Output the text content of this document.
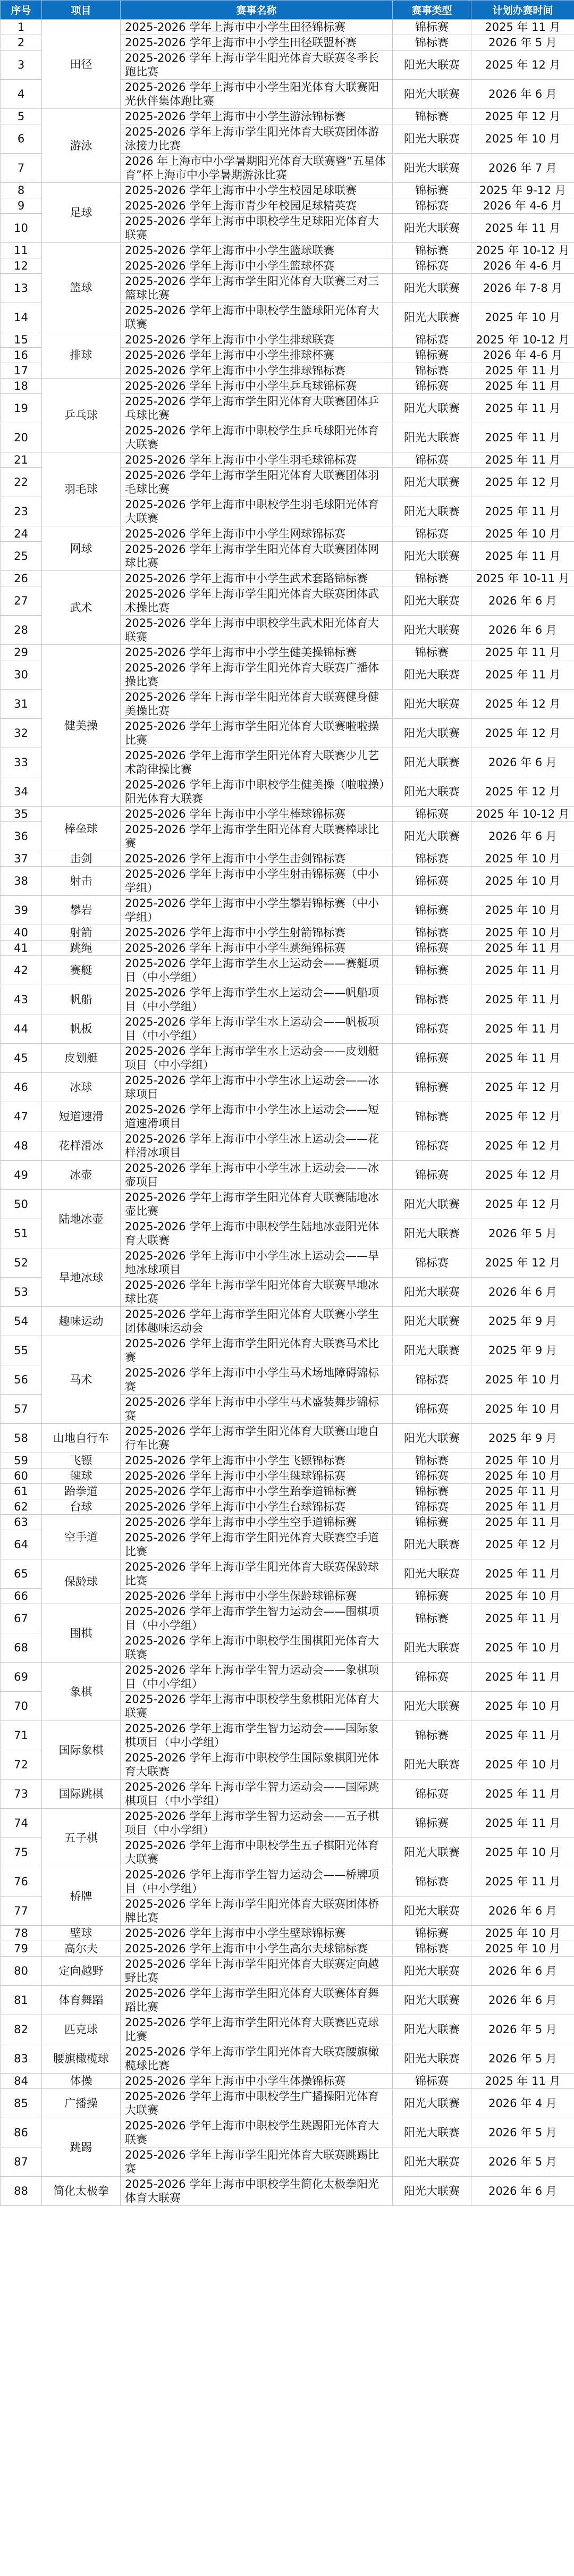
序号	项目	赛事名称	赛事类型	计划办赛时间
1	田径	2025-2026 学年上海市中小学生田径锦标赛	锦标赛	2025 年 11 月
2		2025-2026 学年上海市中小学生田径联盟杯赛	锦标赛	2026 年 5 月
3		2025-2026 学年上海市学生阳光体育大联赛冬季长跑比赛	阳光大联赛	2025 年 12 月
4		2025-2026 学年上海市中小学生阳光体育大联赛阳光伙伴集体跑比赛	阳光大联赛	2026 年 6 月
5	游泳	2025-2026 学年上海市中小学生游泳锦标赛	锦标赛	2025 年 12 月
6		2025-2026 学年上海市学生阳光体育大联赛团体游泳接力比赛	阳光大联赛	2025 年 10 月
7		2026 年上海市中小学暑期阳光体育大联赛暨“五星体育”杯上海市中小学暑期游泳比赛	阳光大联赛	2026 年 7 月
8	足球	2025-2026 学年上海市中小学生校园足球联赛	锦标赛	2025 年 9-12 月
9		2025-2026 学年上海市青少年校园足球精英赛	锦标赛	2026 年 4-6 月
10		2025-2026 学年上海市中职校学生足球阳光体育大联赛	阳光大联赛	2025 年 11 月
11	篮球	2025-2026 学年上海市中小学生篮球联赛	锦标赛	2025 年 10-12 月
12		2025-2026 学年上海市中小学生篮球杯赛	锦标赛	2026 年 4-6 月
13		2025-2026 学年上海市学生阳光体育大联赛三对三篮球比赛	阳光大联赛	2026 年 7-8 月
14		2025-2026 学年上海市中职校学生篮球阳光体育大联赛	阳光大联赛	2025 年 10 月
15	排球	2025-2026 学年上海市中小学生排球联赛	锦标赛	2025 年 10-12 月
16		2025-2026 学年上海市中小学生排球杯赛	锦标赛	2026 年 4-6 月
17		2025-2026 学年上海市中小学生排球锦标赛	锦标赛	2025 年 11 月
18	乒乓球	2025-2026 学年上海市中小学生乒乓球锦标赛	锦标赛	2025 年 11 月
19		2025-2026 学年上海市学生阳光体育大联赛团体乒乓球比赛	阳光大联赛	2025 年 11 月
20		2025-2026 学年上海市中职校学生乒乓球阳光体育大联赛	阳光大联赛	2025 年 11 月
21	羽毛球	2025-2026 学年上海市中小学生羽毛球锦标赛	锦标赛	2025 年 11 月
22		2025-2026 学年上海市学生阳光体育大联赛团体羽毛球比赛	阳光大联赛	2025 年 12 月
23		2025-2026 学年上海市中职校学生羽毛球阳光体育大联赛	阳光大联赛	2025 年 11 月
24	网球	2025-2026 学年上海市中小学生网球锦标赛	锦标赛	2025 年 10 月
25		2025-2026 学年上海市学生阳光体育大联赛团体网球比赛	阳光大联赛	2025 年 11 月
26	武术	2025-2026 学年上海市中小学生武术套路锦标赛	锦标赛	2025 年 10-11 月
27		2025-2026 学年上海市学生阳光体育大联赛团体武术操比赛	阳光大联赛	2026 年 6 月
28		2025-2026 学年上海市中职校学生武术阳光体育大联赛	阳光大联赛	2026 年 6 月
29	健美操	2025-2026 学年上海市中小学生健美操锦标赛	锦标赛	2025 年 11 月
30		2025-2026 学年上海市学生阳光体育大联赛广播体操比赛	阳光大联赛	2025 年 11 月
31		2025-2026 学年上海市学生阳光体育大联赛健身健美操比赛	阳光大联赛	2025 年 12 月
32		2025-2026 学年上海市学生阳光体育大联赛啦啦操比赛	阳光大联赛	2025 年 12 月
33		2025-2026 学年上海市学生阳光体育大联赛少儿艺术韵律操比赛	阳光大联赛	2026 年 6 月
34		2025-2026 学年上海市中职校学生健美操（啦啦操）阳光体育大联赛	阳光大联赛	2025 年 12 月
35	棒垒球	2025-2026 学年上海市中小学生棒球锦标赛	锦标赛	2025 年 10-12 月
36		2025-2026 学年上海市学生阳光体育大联赛棒球比赛	阳光大联赛	2026 年 6 月
37	击剑	2025-2026 学年上海市中小学生击剑锦标赛	锦标赛	2025 年 10 月
38	射击	2025-2026 学年上海市中小学生射击锦标赛（中小学组）	锦标赛	2025 年 10 月
39	攀岩	2025-2026 学年上海市中小学生攀岩锦标赛（中小学组）	锦标赛	2025 年 10 月
40	射箭	2025-2026 学年上海市中小学生射箭锦标赛	锦标赛	2025 年 10 月
41	跳绳	2025-2026 学年上海市中小学生跳绳锦标赛	锦标赛	2025 年 11 月
42	赛艇	2025-2026 学年上海市学生水上运动会——赛艇项目（中小学组）	锦标赛	2025 年 11 月
43	帆船	2025-2026 学年上海市学生水上运动会——帆船项目（中小学组）	锦标赛	2025 年 11 月
44	帆板	2025-2026 学年上海市学生水上运动会——帆板项目（中小学组）	锦标赛	2025 年 11 月
45	皮划艇	2025-2026 学年上海市学生水上运动会——皮划艇项目（中小学组）	锦标赛	2025 年 11 月
46	冰球	2025-2026 学年上海市中小学生冰上运动会——冰球项目	锦标赛	2025 年 12 月
47	短道速滑	2025-2026 学年上海市中小学生冰上运动会——短道速滑项目	锦标赛	2025 年 12 月
48	花样滑冰	2025-2026 学年上海市中小学生冰上运动会——花样滑冰项目	锦标赛	2025 年 12 月
49	冰壶	2025-2026 学年上海市中小学生冰上运动会——冰壶项目	锦标赛	2025 年 12 月
50	陆地冰壶	2025-2026 学年上海市学生阳光体育大联赛陆地冰壶比赛	阳光大联赛	2025 年 12 月
51		2025-2026 学年上海市中职校学生陆地冰壶阳光体育大联赛	阳光大联赛	2026 年 5 月
52	旱地冰球	2025-2026 学年上海市中小学生冰上运动会——旱地冰球项目	锦标赛	2025 年 12 月
53		2025-2026 学年上海市学生阳光体育大联赛旱地冰球比赛	阳光大联赛	2026 年 6 月
54	趣味运动	2025-2026 学年上海市学生阳光体育大联赛小学生团体趣味运动会	阳光大联赛	2025 年 9 月
55	马术	2025-2026 学年上海市学生阳光体育大联赛马术比赛	阳光大联赛	2025 年 9 月
56		2025-2026 学年上海市中小学生马术场地障碍锦标赛	锦标赛	2025 年 10 月
57		2025-2026 学年上海市中小学生马术盛装舞步锦标赛	锦标赛	2025 年 10 月
58	山地自行车	2025-2026 学年上海市学生阳光体育大联赛山地自行车比赛	阳光大联赛	2025 年 9 月
59	飞镖	2025-2026 学年上海市中小学生飞镖锦标赛	锦标赛	2025 年 10 月
60	毽球	2025-2026 学年上海市中小学生毽球锦标赛	锦标赛	2025 年 10 月
61	跆拳道	2025-2026 学年上海市中小学生跆拳道锦标赛	锦标赛	2025 年 11 月
62	台球	2025-2026 学年上海市中小学生台球锦标赛	锦标赛	2025 年 11 月
63	空手道	2025-2026 学年上海市中小学生空手道锦标赛	锦标赛	2025 年 11 月
64		2025-2026 学年上海市学生阳光体育大联赛空手道比赛	阳光大联赛	2025 年 12 月
65	保龄球	2025-2026 学年上海市学生阳光体育大联赛保龄球比赛	阳光大联赛	2025 年 11 月
66		2025-2026 学年上海市中小学生保龄球锦标赛	锦标赛	2025 年 10 月
67	围棋	2025-2026 学年上海市学生智力运动会——围棋项目（中小学组）	锦标赛	2025 年 11 月
68		2025-2026 学年上海市中职校学生围棋阳光体育大联赛	阳光大联赛	2025 年 10 月
69	象棋	2025-2026 学年上海市学生智力运动会——象棋项目（中小学组）	锦标赛	2025 年 11 月
70		2025-2026 学年上海市中职校学生象棋阳光体育大联赛	阳光大联赛	2025 年 10 月
71	国际象棋	2025-2026 学年上海市学生智力运动会——国际象棋项目（中小学组）	锦标赛	2025 年 11 月
72		2025-2026 学年上海市中职校学生国际象棋阳光体育大联赛	阳光大联赛	2025 年 10 月
73	国际跳棋	2025-2026 学年上海市学生智力运动会——国际跳棋项目（中小学组）	锦标赛	2025 年 11 月
74	五子棋	2025-2026 学年上海市学生智力运动会——五子棋项目（中小学组）	锦标赛	2025 年 11 月
75		2025-2026 学年上海市中职校学生五子棋阳光体育大联赛	阳光大联赛	2025 年 10 月
76	桥牌	2025-2026 学年上海市学生智力运动会——桥牌项目（中小学组）	锦标赛	2025 年 11 月
77		2025-2026 学年上海市学生阳光体育大联赛团体桥牌比赛	阳光大联赛	2026 年 6 月
78	壁球	2025-2026 学年上海市中小学生壁球锦标赛	锦标赛	2025 年 10 月
79	高尔夫	2025-2026 学年上海市中小学生高尔夫球锦标赛	锦标赛	2025 年 10 月
80	定向越野	2025-2026 学年上海市学生阳光体育大联赛定向越野比赛	阳光大联赛	2026 年 6 月
81	体育舞蹈	2025-2026 学年上海市学生阳光体育大联赛体育舞蹈比赛	阳光大联赛	2026 年 6 月
82	匹克球	2025-2026 学年上海市学生阳光体育大联赛匹克球比赛	阳光大联赛	2026 年 5 月
83	腰旗橄榄球	2025-2026 学年上海市学生阳光体育大联赛腰旗橄榄球比赛	阳光大联赛	2026 年 5 月
84	体操	2025-2026 学年上海市中小学生体操锦标赛	锦标赛	2025 年 11 月
85	广播操	2025-2026 学年上海市中职校学生广播操阳光体育大联赛	阳光大联赛	2026 年 4 月
86	跳踢	2025-2026 学年上海市中职校学生跳踢阳光体育大联赛	阳光大联赛	2026 年 5 月
87		2025-2026 学年上海市学生阳光体育大联赛跳踢比赛	阳光大联赛	2026 年 5 月
88	简化太极拳	2025-2026 学年上海市中职校学生简化太极拳阳光体育大联赛	阳光大联赛	2026 年 6 月
